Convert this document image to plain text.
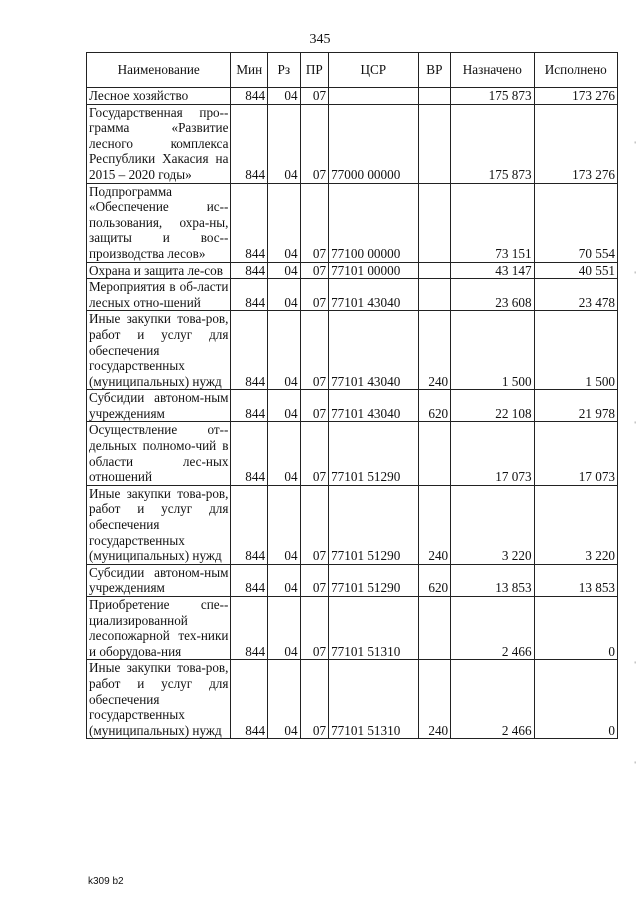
345
Наименование	Мин	Рз	ПР	ЦСР	ВР	Назначено	Исполнено
Лесное хозяйство	844	04	07			175 873	173 276
Государственная про-грамма «Развитие лесного комплекса Республики Хакасия на 2015 – 2020 годы»	844	04	07	77000 00000		175 873	173 276
Подпрограмма «Обеспечение ис-пользования, охра-ны, защиты и вос-производства лесов»	844	04	07	77100 00000		73 151	70 554
Охрана и защита ле-сов	844	04	07	77101 00000		43 147	40 551
Мероприятия в об-ласти лесных отно-шений	844	04	07	77101 43040		23 608	23 478
Иные закупки това-ров, работ и услуг для обеспечения государственных (муниципальных) нужд	844	04	07	77101 43040	240	1 500	1 500
Субсидии автоном-ным учреждениям	844	04	07	77101 43040	620	22 108	21 978
Осуществление от-дельных полномо-чий в области лес-ных отношений	844	04	07	77101 51290		17 073	17 073
Иные закупки това-ров, работ и услуг для обеспечения государственных (муниципальных) нужд	844	04	07	77101 51290	240	3 220	3 220
Субсидии автоном-ным учреждениям	844	04	07	77101 51290	620	13 853	13 853
Приобретение спе-циализированной лесопожарной тех-ники и оборудова-ния	844	04	07	77101 51310		2 466	0
Иные закупки това-ров, работ и услуг для обеспечения государственных (муниципальных) нужд	844	04	07	77101 51310	240	2 466	0
k309 b2
'
'
'
'
'
